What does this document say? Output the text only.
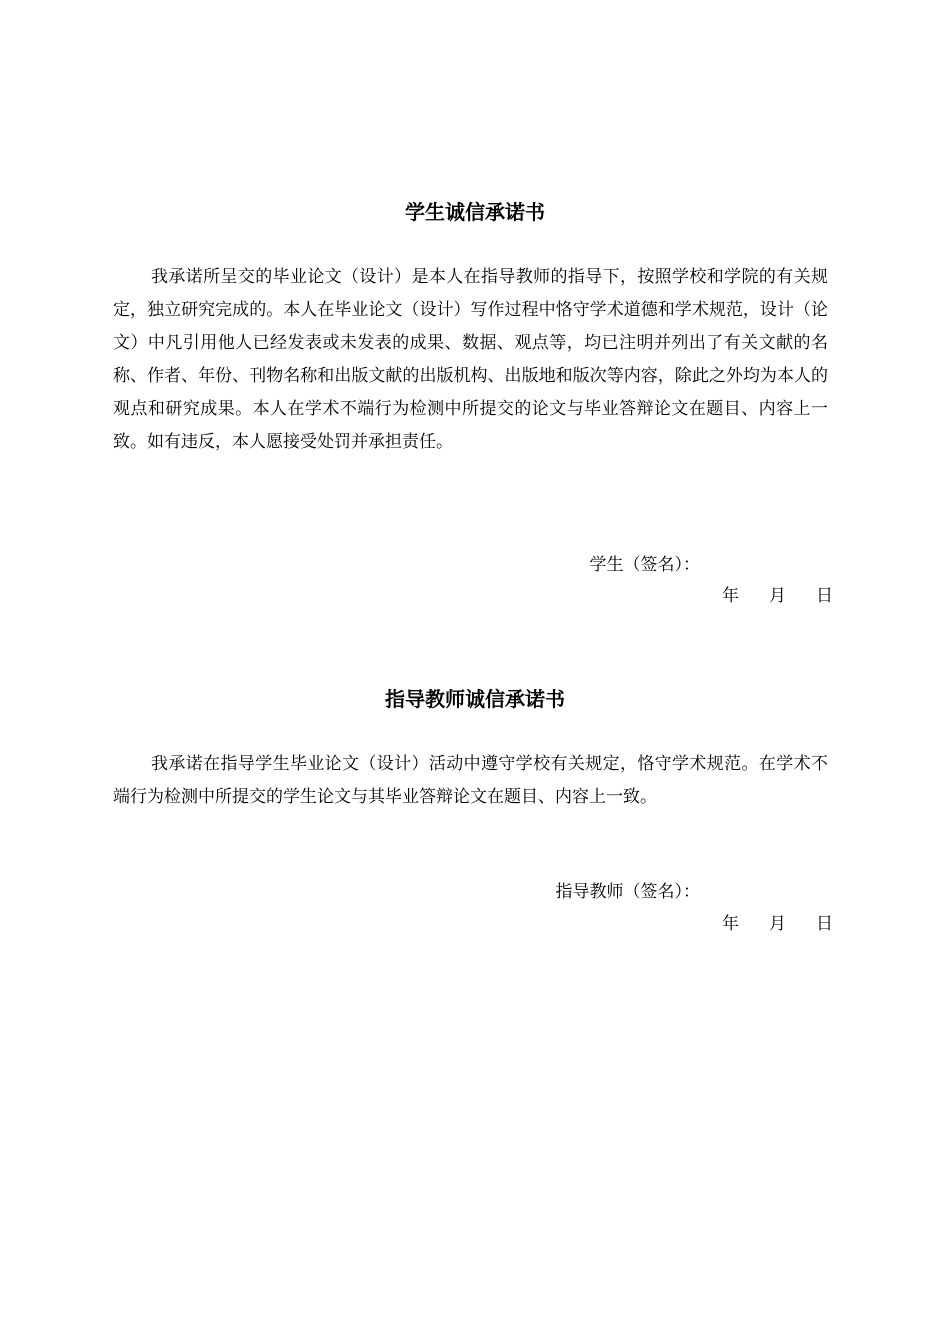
学生诚信承诺书

我承诺所呈交的毕业论文（设计）是本人在指导教师的指导下，按照学校和学院的有关规定，独立研究完成的。本人在毕业论文（设计）写作过程中恪守学术道德和学术规范，设计（论文）中凡引用他人已经发表或未发表的成果、数据、观点等，均已注明并列出了有关文献的名称、作者、年份、刊物名称和出版文献的出版机构、出版地和版次等内容，除此之外均为本人的观点和研究成果。本人在学术不端行为检测中所提交的论文与毕业答辩论文在题目、内容上一致。如有违反，本人愿接受处罚并承担责任。

学生（签名）：

年 月 日

指导教师诚信承诺书

我承诺在指导学生毕业论文（设计）活动中遵守学校有关规定，恪守学术规范。在学术不端行为检测中所提交的学生论文与其毕业答辩论文在题目、内容上一致。

指导教师（签名）：

年 月 日
